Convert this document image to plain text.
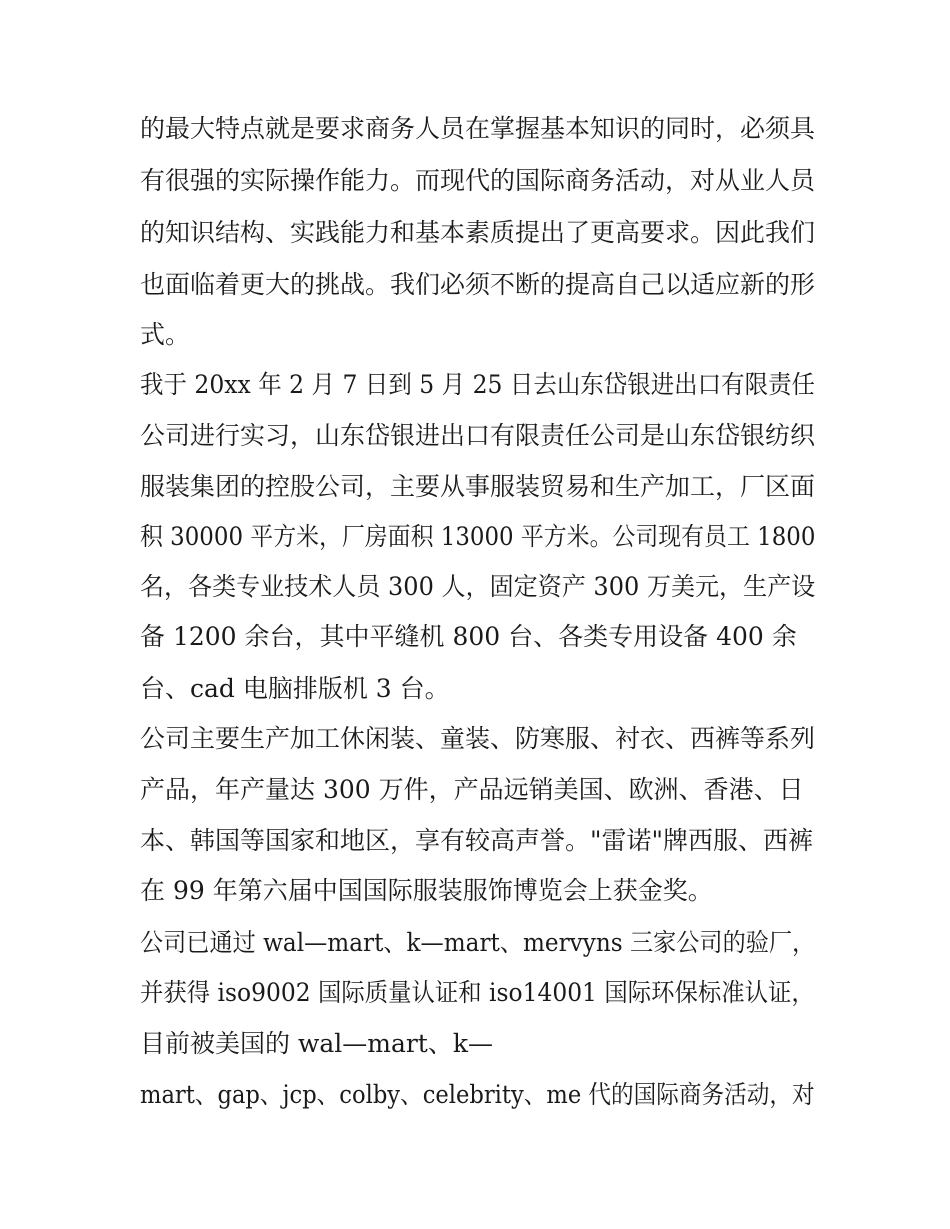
的最大特点就是要求商务人员在掌握基本知识的同时，必须具
有很强的实际操作能力。而现代的国际商务活动，对从业人员
的知识结构、实践能力和基本素质提出了更高要求。因此我们
也面临着更大的挑战。我们必须不断的提高自己以适应新的形
式。
我于 20xx 年 2 月 7 日到 5 月 25 日去山东岱银进出口有限责任
公司进行实习，山东岱银进出口有限责任公司是山东岱银纺织
服装集团的控股公司，主要从事服装贸易和生产加工，厂区面
积 30000 平方米，厂房面积 13000 平方米。公司现有员工 1800
名，各类专业技术人员 300 人，固定资产 300 万美元，生产设
备 1200 余台，其中平缝机 800 台、各类专用设备 400 余
台、cad 电脑排版机 3 台。
公司主要生产加工休闲装、童装、防寒服、衬衣、西裤等系列
产品，年产量达 300 万件，产品远销美国、欧洲、香港、日
本、韩国等国家和地区，享有较高声誉。"雷诺"牌西服、西裤
在 99 年第六届中国国际服装服饰博览会上获金奖。
公司已通过 wal—mart、k—mart、mervyns 三家公司的验厂，
并获得 iso9002 国际质量认证和 iso14001 国际环保标准认证，
目前被美国的 wal—mart、k—
mart、gap、jcp、colby、celebrity、me 代的国际商务活动，对
